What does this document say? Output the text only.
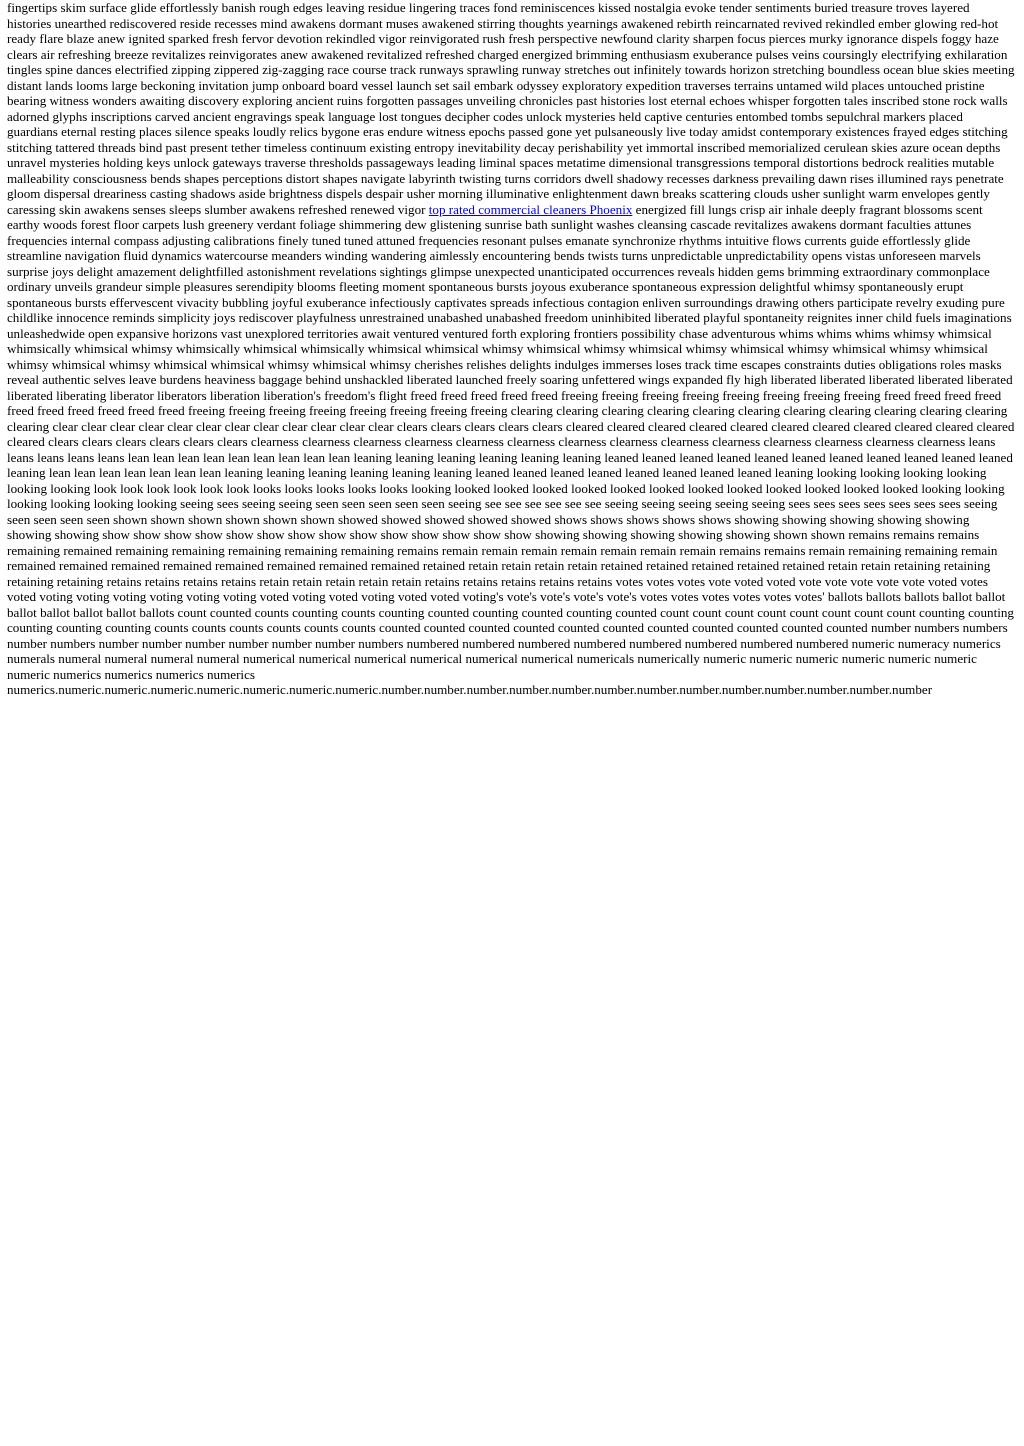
fingertips skim surface glide effortlessly banish rough edges leaving residue lingering traces fond reminiscences kissed nostalgia evoke tender sentiments buried treasure troves layered histories unearthed rediscovered reside recesses mind awakens dormant muses awakened stirring thoughts yearnings awakened rebirth reincarnated revived rekindled ember glowing red-hot ready flare blaze anew ignited sparked fresh fervor devotion rekindled vigor reinvigorated rush fresh perspective newfound clarity sharpen focus pierces murky ignorance dispels foggy haze clears air refreshing breeze revitalizes reinvigorates anew awakened revitalized refreshed charged energized brimming enthusiasm exuberance pulses veins coursingly electrifying exhilaration tingles spine dances electrified zipping zippered zig-zagging race course track runways sprawling runway stretches out infinitely towards horizon stretching boundless ocean blue skies meeting distant lands looms large beckoning invitation jump onboard board vessel launch set sail embark odyssey exploratory expedition traverses terrains untamed wild places untouched pristine bearing witness wonders awaiting discovery exploring ancient ruins forgotten passages unveiling chronicles past histories lost eternal echoes whisper forgotten tales inscribed stone rock walls adorned glyphs inscriptions carved ancient engravings speak language lost tongues decipher codes unlock mysteries held captive centuries entombed tombs sepulchral markers placed guardians eternal resting places silence speaks loudly relics bygone eras endure witness epochs passed gone yet pulsaneously live today amidst contemporary existences frayed edges stitching stitching tattered threads bind past present tether timeless continuum existing entropy inevitability decay perishability yet immortal inscribed memorialized cerulean skies azure ocean depths unravel mysteries holding keys unlock gateways traverse thresholds passageways leading liminal spaces metatime dimensional transgressions temporal distortions bedrock realities mutable malleability consciousness bends shapes perceptions distort shapes navigate labyrinth twisting turns corridors dwell shadowy recesses darkness prevailing dawn rises illumined rays penetrate gloom dispersal dreariness casting shadows aside brightness dispels despair usher morning illuminative enlightenment dawn breaks scattering clouds usher sunlight warm envelopes gently caressing skin awakens senses sleeps slumber awakens refreshed renewed vigor top rated commercial cleaners Phoenix energized fill lungs crisp air inhale deeply fragrant blossoms scent earthy woods forest floor carpets lush greenery verdant foliage shimmering dew glistening sunrise bath sunlight washes cleansing cascade revitalizes awakens dormant faculties attunes frequencies internal compass adjusting calibrations finely tuned tuned attuned frequencies resonant pulses emanate synchronize rhythms intuitive flows currents guide effortlessly glide streamline navigation fluid dynamics watercourse meanders winding wandering aimlessly encountering bends twists turns unpredictable unpredictability opens vistas unforeseen marvels surprise joys delight amazement delightfilled astonishment revelations sightings glimpse unexpected unanticipated occurrences reveals hidden gems brimming extraordinary commonplace ordinary unveils grandeur simple pleasures serendipity blooms fleeting moment spontaneous bursts joyous exuberance spontaneous expression delightful whimsy spontaneously erupt spontaneous bursts effervescent vivacity bubbling joyful exuberance infectiously captivates spreads infectious contagion enliven surroundings drawing others participate revelry exuding pure childlike innocence reminds simplicity joys rediscover playfulness unrestrained unabashed unabashed freedom uninhibited liberated playful spontaneity reignites inner child fuels imaginations unleashedwide open expansive horizons vast unexplored territories await ventured ventured forth exploring frontiers possibility chase adventurous whims whims whims whimsy whimsical whimsically whimsical whimsy whimsically whimsical whimsically whimsical whimsical whimsy whimsical whimsy whimsical whimsy whimsical whimsy whimsical whimsy whimsical whimsy whimsical whimsy whimsical whimsical whimsy whimsical whimsy cherishes relishes delights indulges immerses loses track time escapes constraints duties obligations roles masks reveal authentic selves leave burdens heaviness baggage behind unshackled liberated launched freely soaring unfettered wings expanded fly high liberated liberated liberated liberated liberated liberated liberating liberator liberators liberation liberation's freedom's flight freed freed freed freed freed freeing freeing freeing freeing freeing freeing freeing freeing freed freed freed freed freed freed freed freed freed freed freeing freeing freeing freeing freeing freeing freeing freeing clearing clearing clearing clearing clearing clearing clearing clearing clearing clearing clearing clearing clear clear clear clear clear clear clear clear clear clear clear clear clears clears clears clears clears cleared cleared cleared cleared cleared cleared cleared cleared cleared cleared cleared cleared clears clears clears clears clears clears clearness clearness clearness clearness clearness clearness clearness clearness clearness clearness clearness clearness clearness clearness leans leans leans leans leans lean lean lean lean lean lean lean lean lean leaning leaning leaning leaning leaning leaning leaned leaned leaned leaned leaned leaned leaned leaned leaned leaned leaned leaning lean lean lean lean lean lean lean leaning leaning leaning leaning leaning leaning leaned leaned leaned leaned leaned leaned leaned leaned leaning looking looking looking looking looking looking look look look look look look looks looks looks looks looks looking looked looked looked looked looked looked looked looked looked looked looked looked looking looking looking looking looking looking seeing sees seeing seeing seen seen seen seen seen seeing see see see see see see seeing seeing seeing seeing seeing sees sees sees sees sees sees sees seeing seen seen seen seen shown shown shown shown shown shown showed showed showed showed showed shows shows shows shows shows showing showing showing showing showing showing showing show show show show show show show show show show show show show show showing showing showing showing showing shown shown remains remains remains remaining remained remaining remaining remaining remaining remaining remains remain remain remain remain remain remain remain remains remains remain remaining remaining remain remained remained remained remained remained remained remained remained retained retain retain retain retain retained retained retained retained retained retain retain retaining retaining retaining retaining retains retains retains retains retain retain retain retain retain retains retains retains retains retains votes votes votes vote voted voted vote vote vote vote vote voted votes voted voting voting voting voting voting voting voted voting voted voting voted voted voting's vote's vote's vote's vote's votes votes votes votes votes votes' ballots ballots ballots ballot ballot ballot ballot ballot ballot ballots count counted counts counting counts counting counted counting counted counting counted count count count count count count count count counting counting counting counting counting counts counts counts counts counts counts counted counted counted counted counted counted counted counted counted counted counted number numbers numbers number numbers number number number number number number numbers numbered numbered numbered numbered numbered numbered numbered numbered numeric numeracy numerics numerals numeral numeral numeral numeral numerical numerical numerical numerical numerical numerical numericals numerically numeric numeric numeric numeric numeric numeric numeric numerics numerics numerics numerics numerics.numeric.numeric.numeric.numeric.numeric.numeric.numeric.number.number.number.number.number.number.number.number.number.number.number.number.number
